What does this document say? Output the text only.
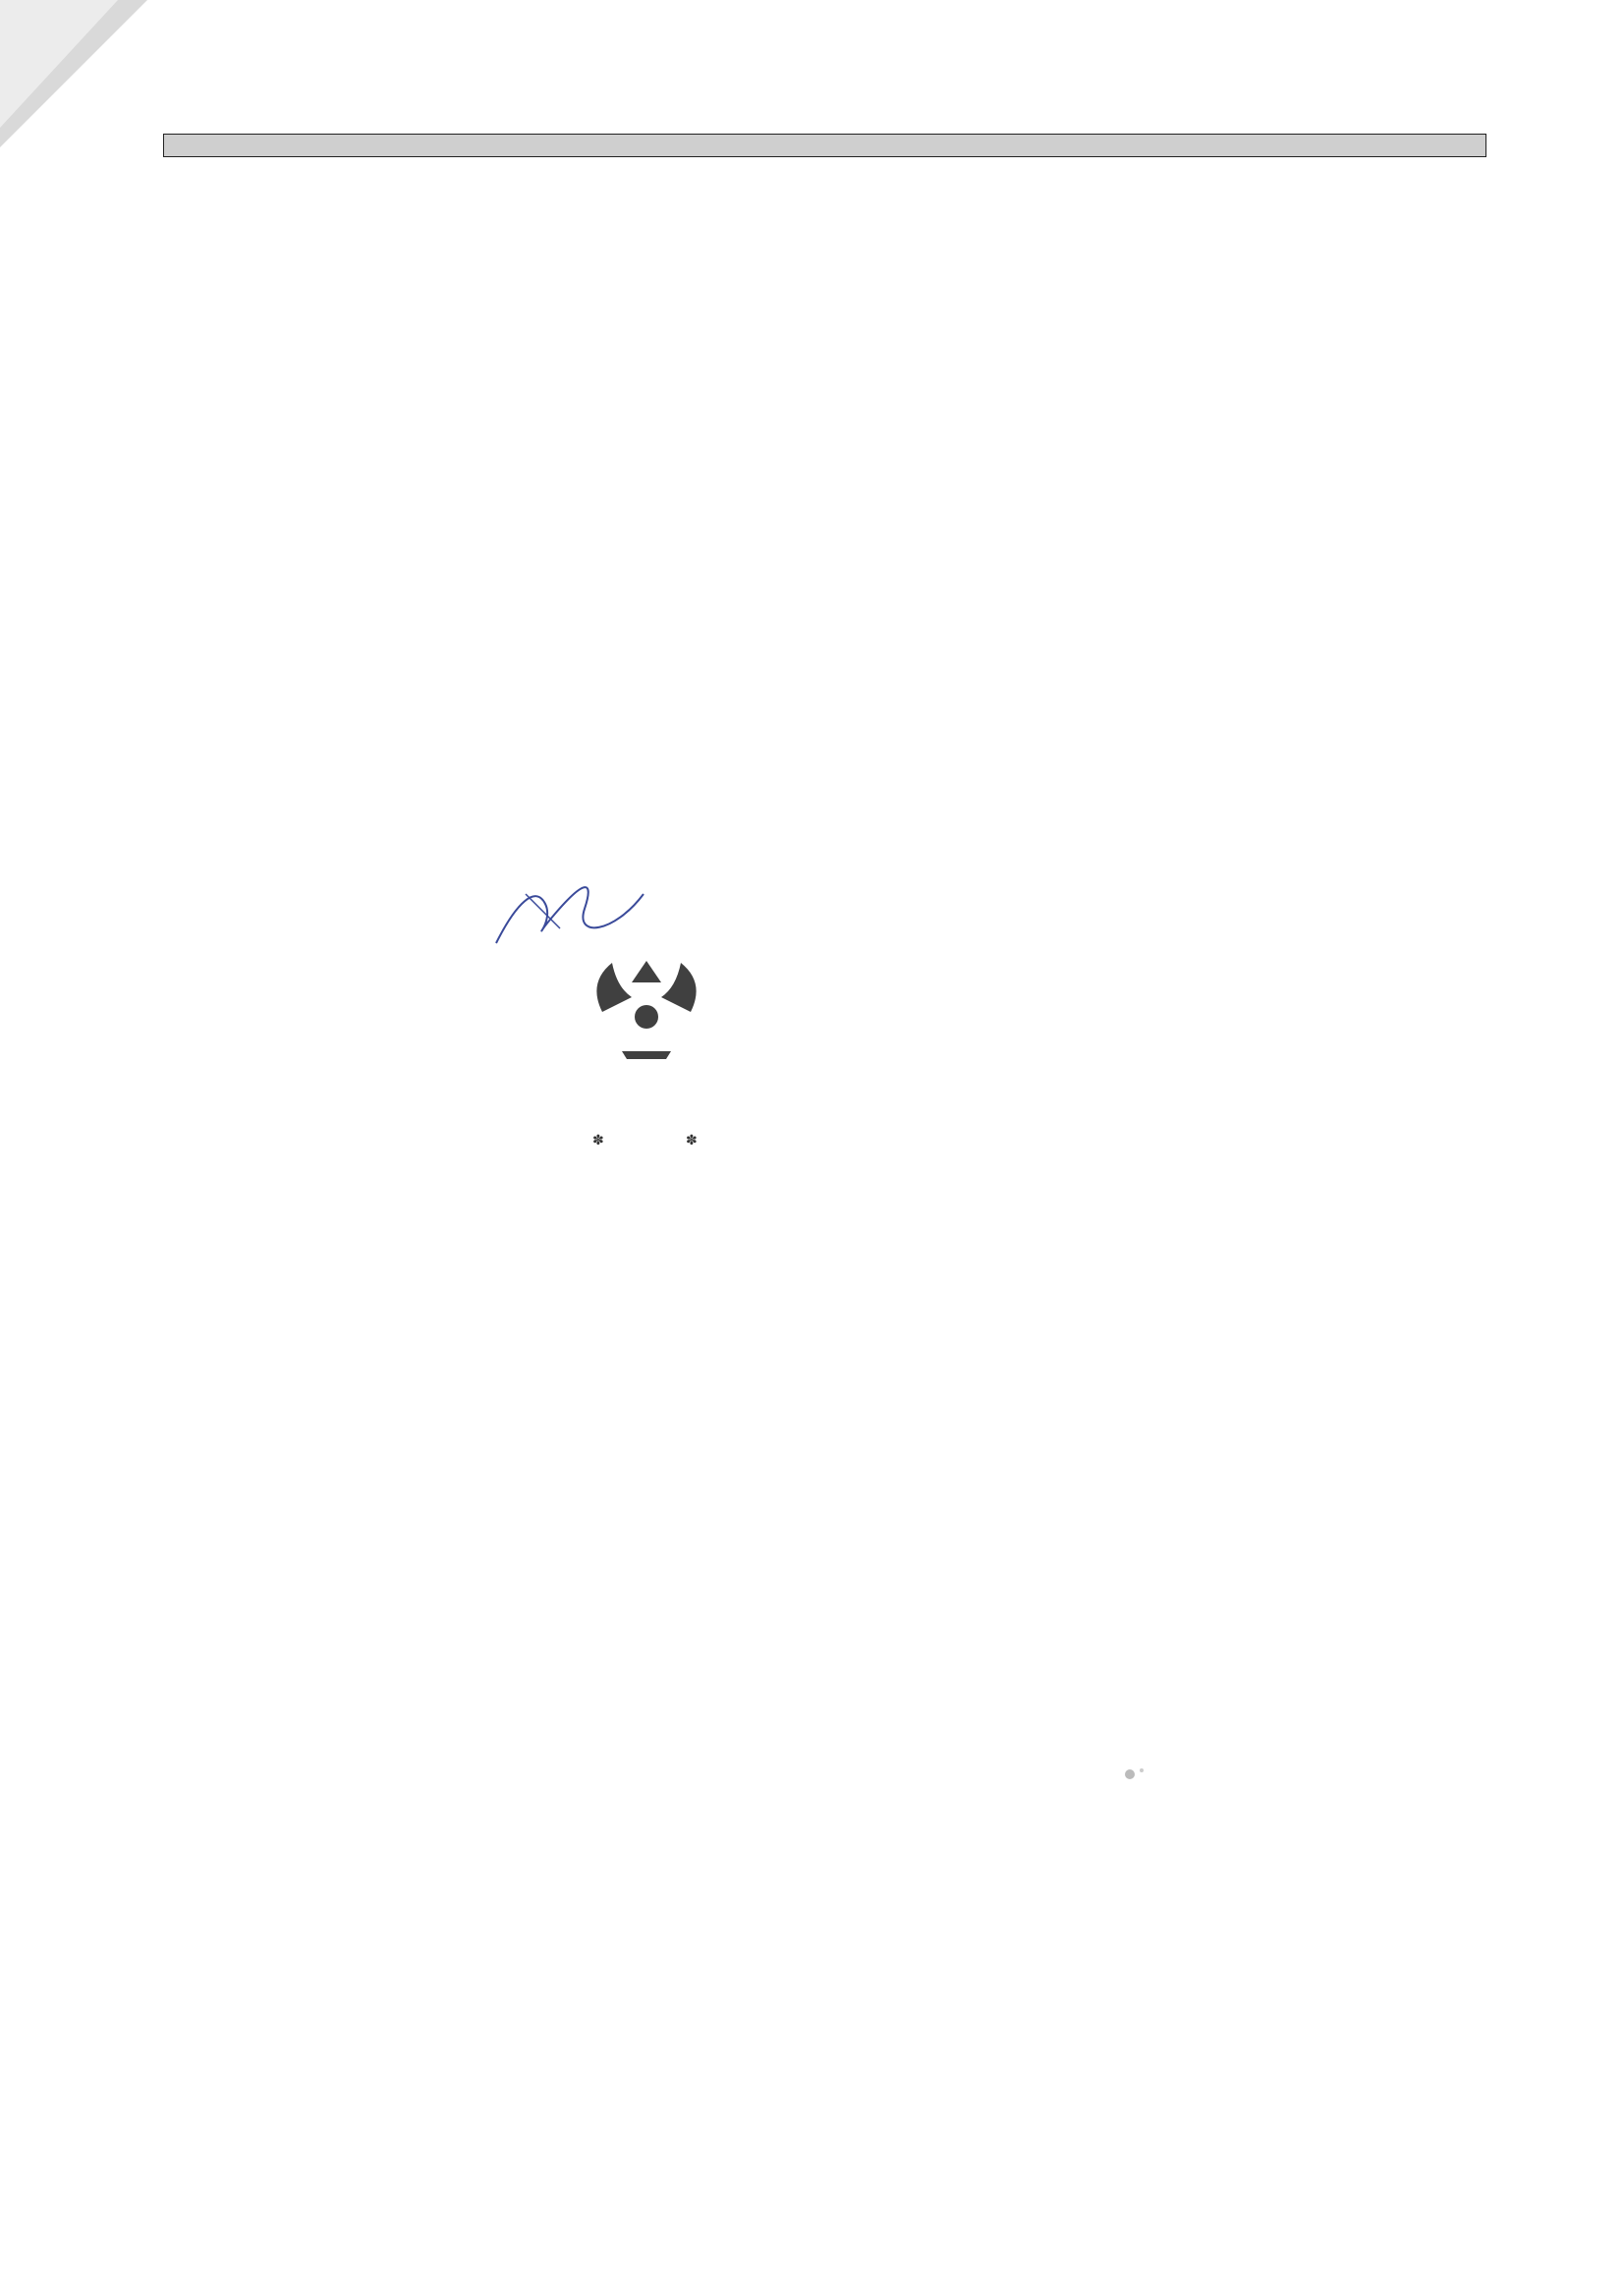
✽	✽
